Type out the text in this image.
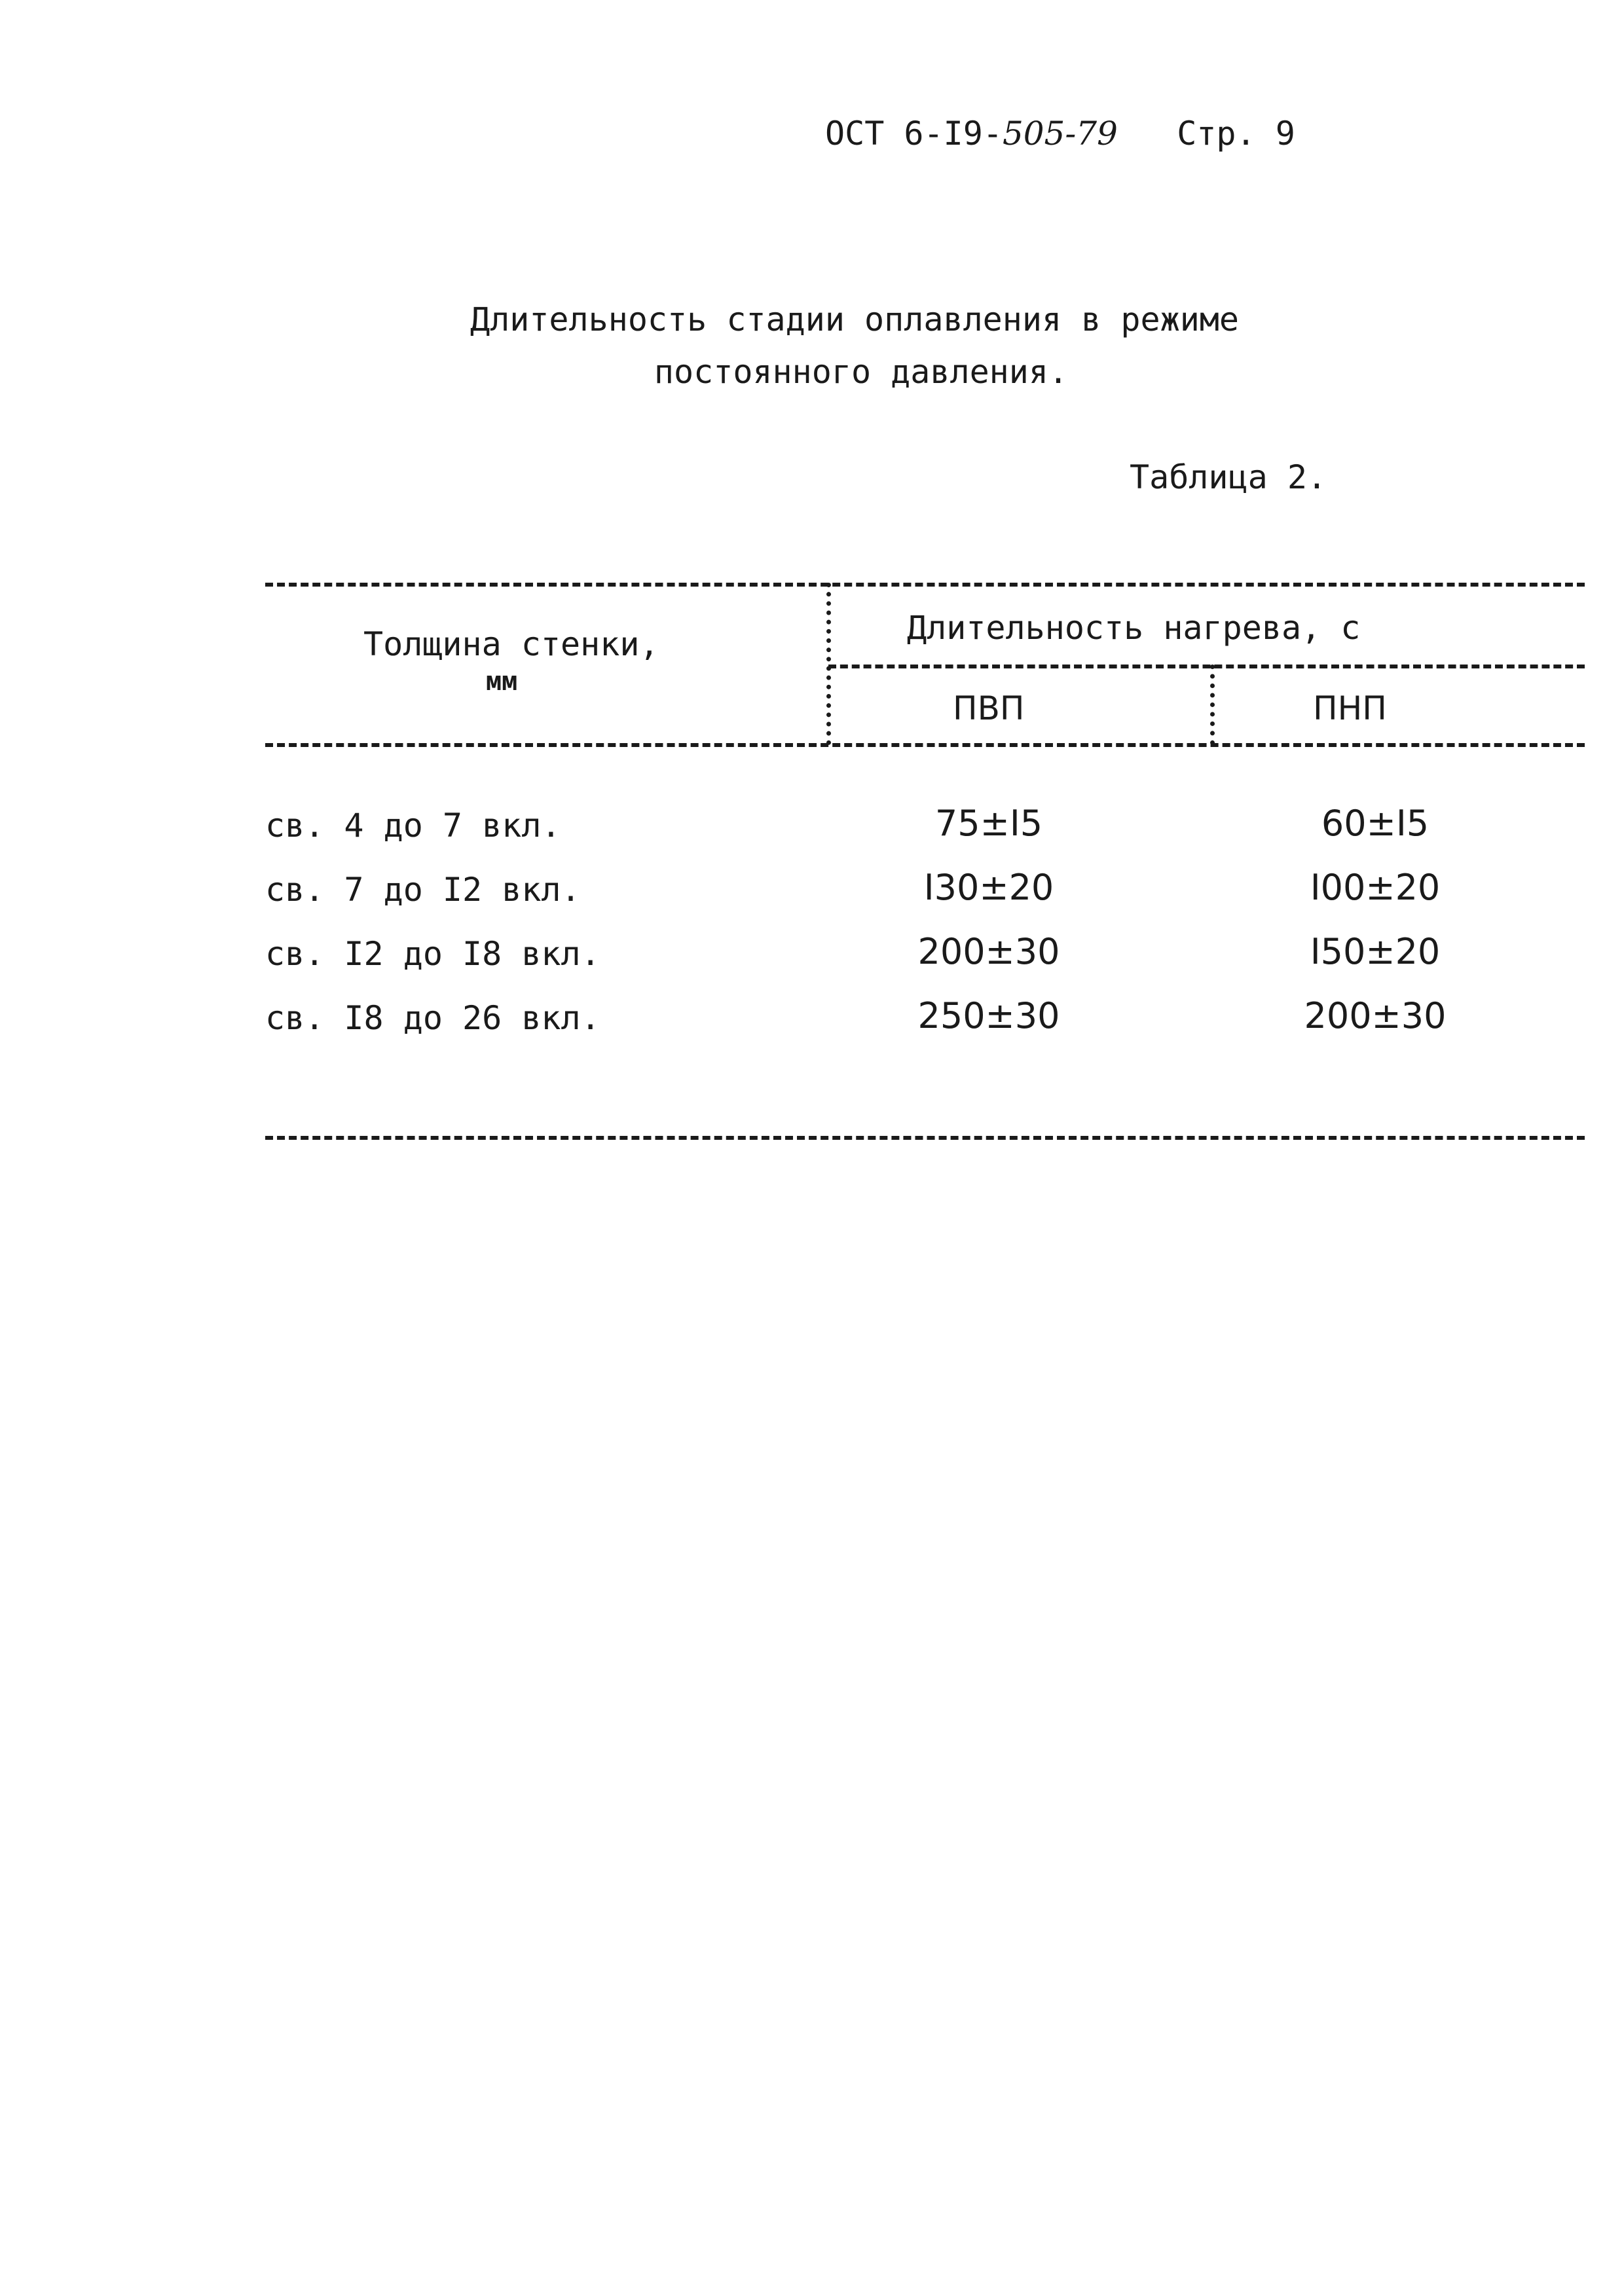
ОСТ 6-I9-505-79 Стр. 9
Длительность стадии оплавления в режиме
постоянного давления.
Таблица 2.
Толщина стенки,
мм
Длительность нагрева, с
ПВП	ПНП
св. 4 до 7 вкл.	75±I5	60±I5
св. 7 до I2 вкл.	I30±20	I00±20
св. I2 до I8 вкл.	200±30	I50±20
св. I8 до 26 вкл.	250±30	200±30
